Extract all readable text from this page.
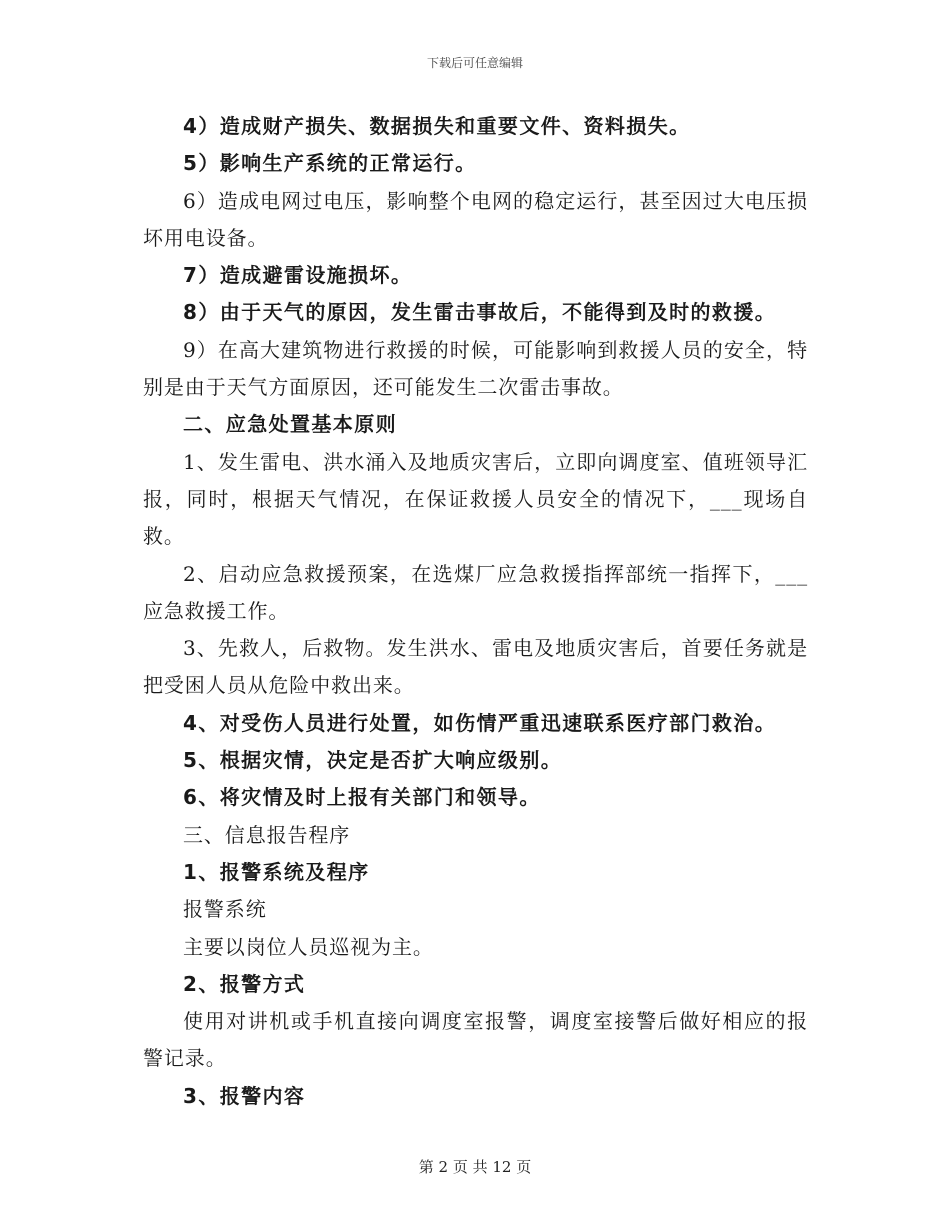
下载后可任意编辑

4）造成财产损失、数据损失和重要文件、资料损失。

5）影响生产系统的正常运行。

6）造成电网过电压，影响整个电网的稳定运行，甚至因过大电压损坏用电设备。

7）造成避雷设施损坏。

8）由于天气的原因，发生雷击事故后，不能得到及时的救援。

9）在高大建筑物进行救援的时候，可能影响到救援人员的安全，特别是由于天气方面原因，还可能发生二次雷击事故。

二、应急处置基本原则

1、发生雷电、洪水涌入及地质灾害后，立即向调度室、值班领导汇报，同时，根据天气情况，在保证救援人员安全的情况下，___现场自救。

2、启动应急救援预案，在选煤厂应急救援指挥部统一指挥下，___应急救援工作。

3、先救人，后救物。发生洪水、雷电及地质灾害后，首要任务就是把受困人员从危险中救出来。

4、对受伤人员进行处置，如伤情严重迅速联系医疗部门救治。

5、根据灾情，决定是否扩大响应级别。

6、将灾情及时上报有关部门和领导。

三、信息报告程序

1、报警系统及程序

报警系统

主要以岗位人员巡视为主。

2、报警方式

使用对讲机或手机直接向调度室报警，调度室接警后做好相应的报警记录。

3、报警内容

第 2 页 共 12 页
